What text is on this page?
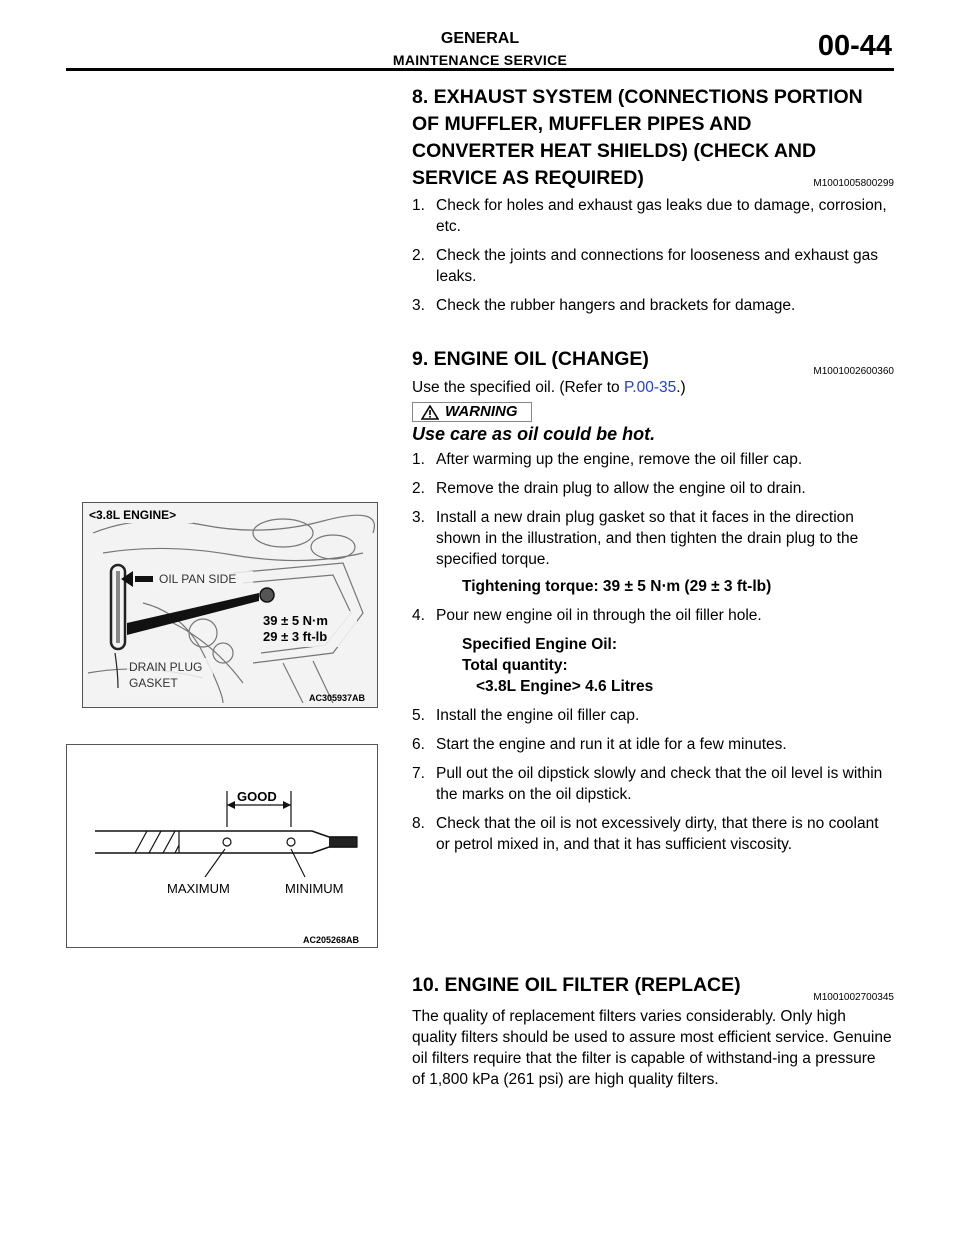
GENERAL
MAINTENANCE SERVICE	00-44
8. EXHAUST SYSTEM (CONNECTIONS PORTION
OF MUFFLER, MUFFLER PIPES AND
CONVERTER HEAT SHIELDS) (CHECK AND
SERVICE AS REQUIRED)	M1001005800299
1. Check for holes and exhaust gas leaks due to damage, corrosion, etc.
2. Check the joints and connections for looseness and exhaust gas leaks.
3. Check the rubber hangers and brackets for damage.
9. ENGINE OIL (CHANGE)
M1001002600360
Use the specified oil. (Refer to P.00-35.)
WARNING
Use care as oil could be hot.
1. After warming up the engine, remove the oil filler cap.
2. Remove the drain plug to allow the engine oil to drain.
3. Install a new drain plug gasket so that it faces in the direction shown in the illustration, and then tighten the drain plug to the specified torque.
Tightening torque: 39 ± 5 N⋅m (29 ± 3 ft-lb)
4. Pour new engine oil in through the oil filler hole.
Specified Engine Oil:
Total quantity:
<3.8L Engine> 4.6 Litres
5. Install the engine oil filler cap.
6. Start the engine and run it at idle for a few minutes.
7. Pull out the oil dipstick slowly and check that the oil level is within the marks on the oil dipstick.
8. Check that the oil is not excessively dirty, that there is no coolant or petrol mixed in, and that it has sufficient viscosity.
10. ENGINE OIL FILTER (REPLACE)
M1001002700345
The quality of replacement filters varies considerably. Only high quality filters should be used to assure most efficient service. Genuine oil filters require that the filter is capable of withstand-ing a pressure of 1,800 kPa (261 psi) are high quality filters.
<3.8L ENGINE>
OIL PAN SIDE
39 ± 5 N·m
29 ± 3 ft-lb
DRAIN PLUG
GASKET
AC305937AB
GOOD
MAXIMUM	MINIMUM
AC205268AB
